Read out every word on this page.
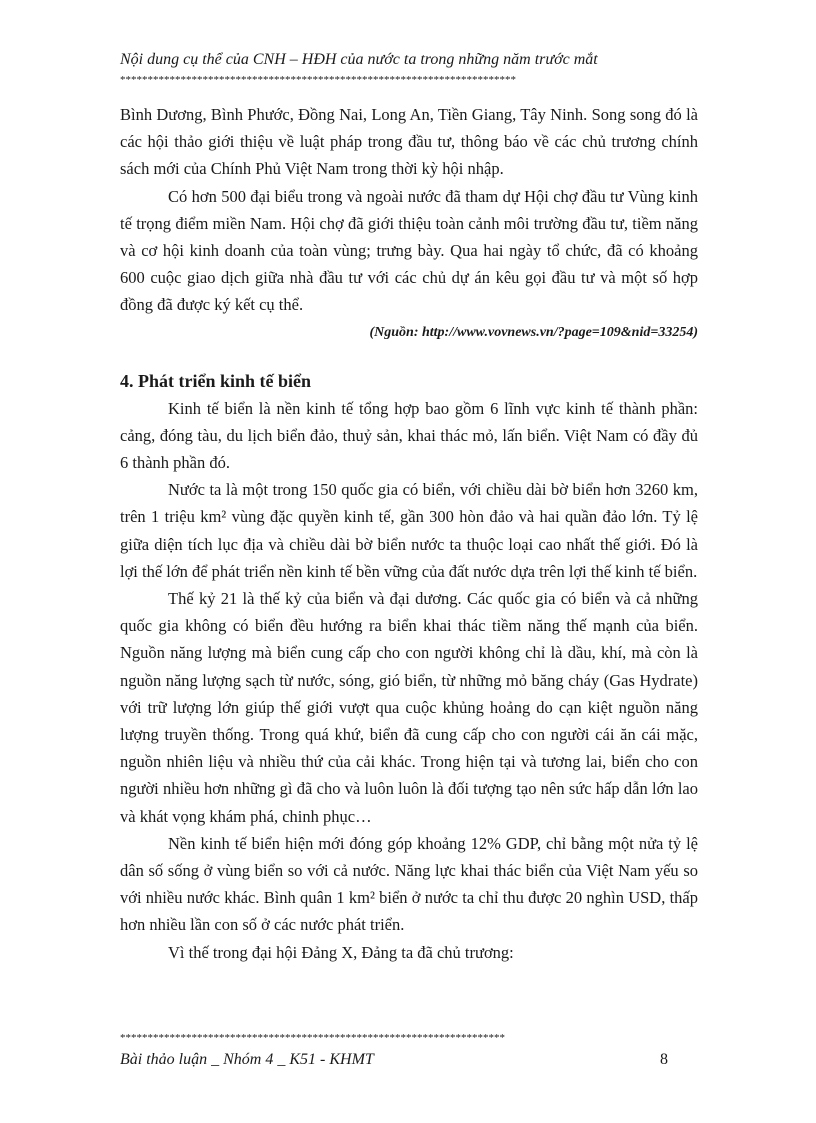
Nội dung cụ thể của CNH – HĐH của nước ta trong những năm trước mắt
************************************************************************

Bình Dương, Bình Phước, Đồng Nai, Long An, Tiền Giang, Tây Ninh. Song song đó là các hội thảo giới thiệu về luật pháp trong đầu tư, thông báo về các chủ trương chính sách mới của Chính Phủ Việt Nam trong thời kỳ hội nhập.

Có hơn 500 đại biểu trong và ngoài nước đã tham dự Hội chợ đầu tư Vùng kinh tế trọng điểm miền Nam. Hội chợ đã giới thiệu toàn cảnh môi trường đầu tư, tiềm năng và cơ hội kinh doanh của toàn vùng; trưng bày. Qua hai ngày tổ chức, đã có khoảng 600 cuộc giao dịch giữa nhà đầu tư với các chủ dự án kêu gọi đầu tư và một số hợp đồng đã được ký kết cụ thể.

(Nguồn: http://www.vovnews.vn/?page=109&nid=33254)

4. Phát triển kinh tế biển

Kinh tế biển là nền kinh tế tổng hợp bao gồm 6 lĩnh vực kinh tế thành phần: cảng, đóng tàu, du lịch biển đảo, thuỷ sản, khai thác mỏ, lấn biển. Việt Nam có đầy đủ 6 thành phần đó.

Nước ta là một trong 150 quốc gia có biển, với chiều dài bờ biển hơn 3260 km, trên 1 triệu km² vùng đặc quyền kinh tế, gần 300 hòn đảo và hai quần đảo lớn. Tỷ lệ giữa diện tích lục địa và chiều dài bờ biển nước ta thuộc loại cao nhất thế giới. Đó là lợi thế lớn để phát triển nền kinh tế bền vững của đất nước dựa trên lợi thế kinh tế biển.

Thế kỷ 21 là thế kỷ của biển và đại dương. Các quốc gia có biển và cả những quốc gia không có biển đều hướng ra biển khai thác tiềm năng thế mạnh của biển. Nguồn năng lượng mà biển cung cấp cho con người không chỉ là dầu, khí, mà còn là nguồn năng lượng sạch từ nước, sóng, gió biển, từ những mỏ băng cháy (Gas Hydrate) với trữ lượng lớn giúp thế giới vượt qua cuộc khủng hoảng do cạn kiệt nguồn năng lượng truyền thống. Trong quá khứ, biển đã cung cấp cho con người cái ăn cái mặc, nguồn nhiên liệu và nhiều thứ của cải khác. Trong hiện tại và tương lai, biển cho con người nhiều hơn những gì đã cho và luôn luôn là đối tượng tạo nên sức hấp dẫn lớn lao và khát vọng khám phá, chinh phục…

Nền kinh tế biển hiện mới đóng góp khoảng 12% GDP, chỉ bằng một nửa tỷ lệ dân số sống ở vùng biển so với cả nước. Năng lực khai thác biển của Việt Nam yếu so với nhiều nước khác. Bình quân 1 km² biển ở nước ta chỉ thu được 20 nghìn USD, thấp hơn nhiều lần con số ở các nước phát triển.

Vì thế trong đại hội Đảng X, Đảng ta đã chủ trương:

**********************************************************************
Bài thảo luận _ Nhóm 4 _ K51 - KHMT	8
